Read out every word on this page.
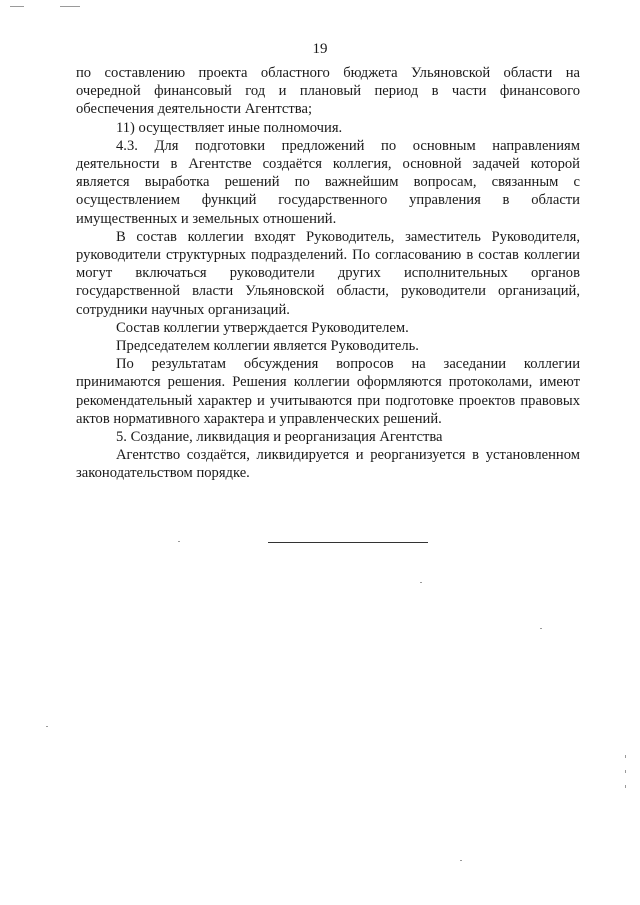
19

по составлению проекта областного бюджета Ульяновской области на очередной финансовый год и плановый период в части финансового обеспечения деятельности Агентства;

11) осуществляет иные полномочия.

4.3. Для подготовки предложений по основным направлениям деятельности в Агентстве создаётся коллегия, основной задачей которой является выработка решений по важнейшим вопросам, связанным с осуществлением функций государственного управления в области имущественных и земельных отношений.

В состав коллегии входят Руководитель, заместитель Руководителя, руководители структурных подразделений. По согласованию в состав коллегии могут включаться руководители других исполнительных органов государственной власти Ульяновской области, руководители организаций, сотрудники научных организаций.

Состав коллегии утверждается Руководителем.

Председателем коллегии является Руководитель.

По результатам обсуждения вопросов на заседании коллегии принимаются решения. Решения коллегии оформляются протоколами, имеют рекомендательный характер и учитываются при подготовке проектов правовых актов нормативного характера и управленческих решений.

5. Создание, ликвидация и реорганизация Агентства

Агентство создаётся, ликвидируется и реорганизуется в установленном законодательством порядке.
